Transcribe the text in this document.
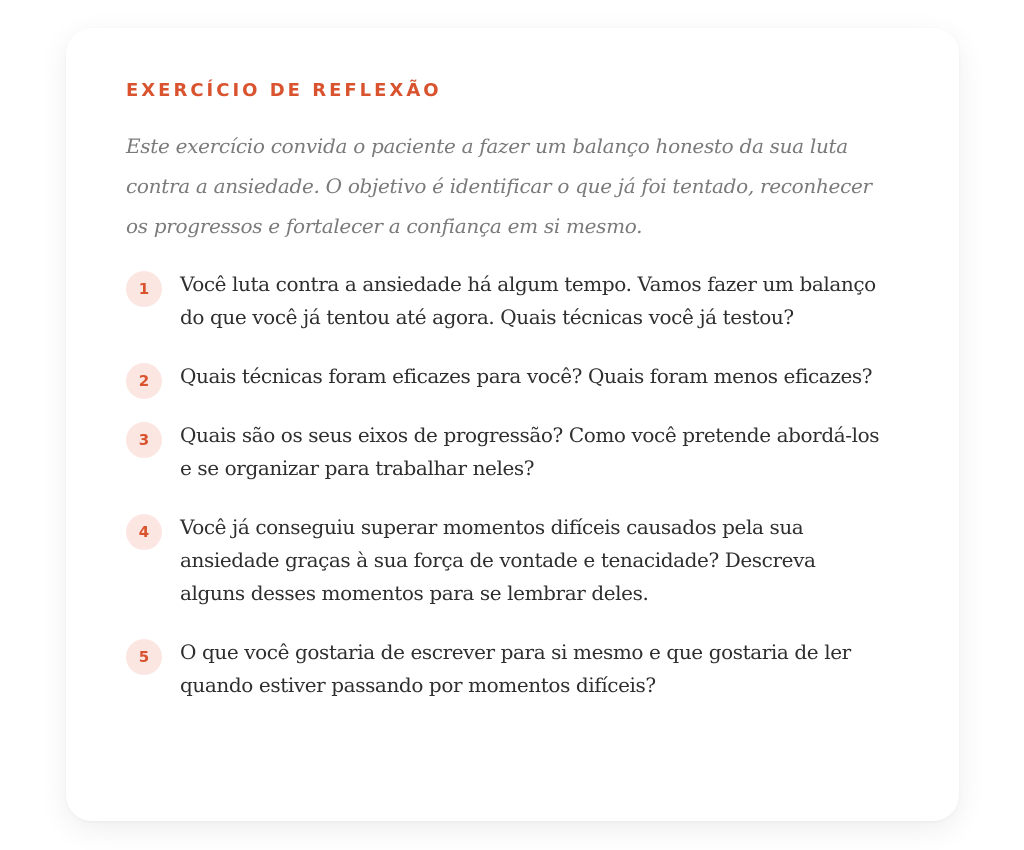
EXERCÍCIO DE REFLEXÃO

Este exercício convida o paciente a fazer um balanço honesto da sua luta contra a ansiedade. O objetivo é identificar o que já foi tentado, reconhecer os progressos e fortalecer a confiança em si mesmo.

1	Você luta contra a ansiedade há algum tempo. Vamos fazer um balanço do que você já tentou até agora. Quais técnicas você já testou?

2	Quais técnicas foram eficazes para você? Quais foram menos eficazes?

3	Quais são os seus eixos de progressão? Como você pretende abordá-los e se organizar para trabalhar neles?

4	Você já conseguiu superar momentos difíceis causados pela sua ansiedade graças à sua força de vontade e tenacidade? Descreva alguns desses momentos para se lembrar deles.

5	O que você gostaria de escrever para si mesmo e que gostaria de ler quando estiver passando por momentos difíceis?
